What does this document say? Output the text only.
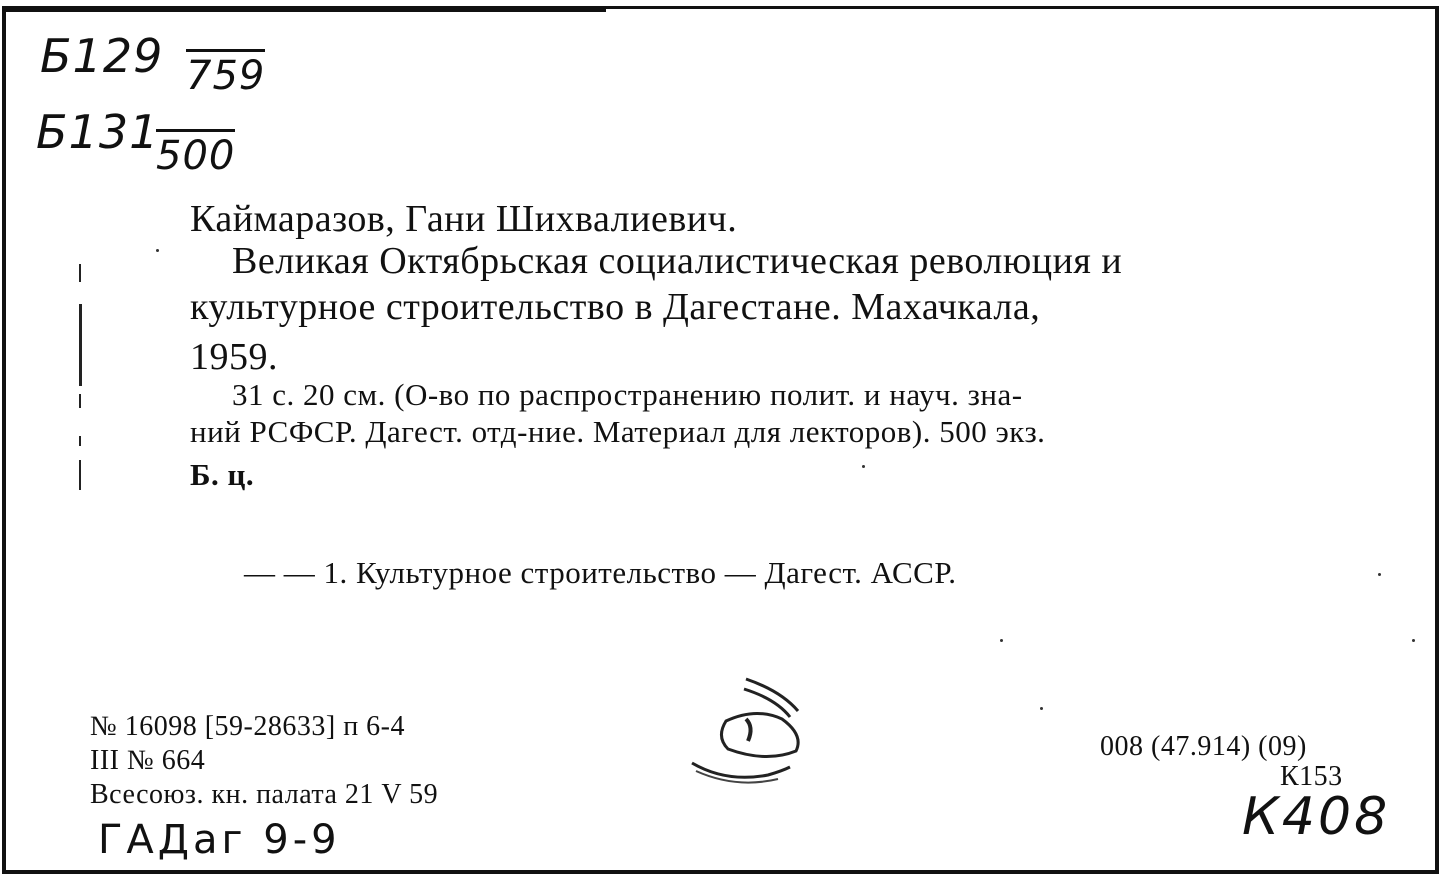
Б129 759
Б131
500
Каймаразов, Гани Шихвалиевич.
Великая Октябрьская социалистическая революция и
культурное строительство в Дагестане. Махачкала,
1959.
31 с. 20 см. (О-во по распространению полит. и науч. зна-
ний РСФСР. Дагест. отд-ние. Материал для лекторов). 500 экз.
Б. ц.
— — 1. Культурное строительство — Дагест. АССР.
№ 16098 [59-28633] п 6-4
III № 664
Всесоюз. кн. палата 21 V 59
ГАДаг 9-9
008 (47.914) (09)
К153
К408
